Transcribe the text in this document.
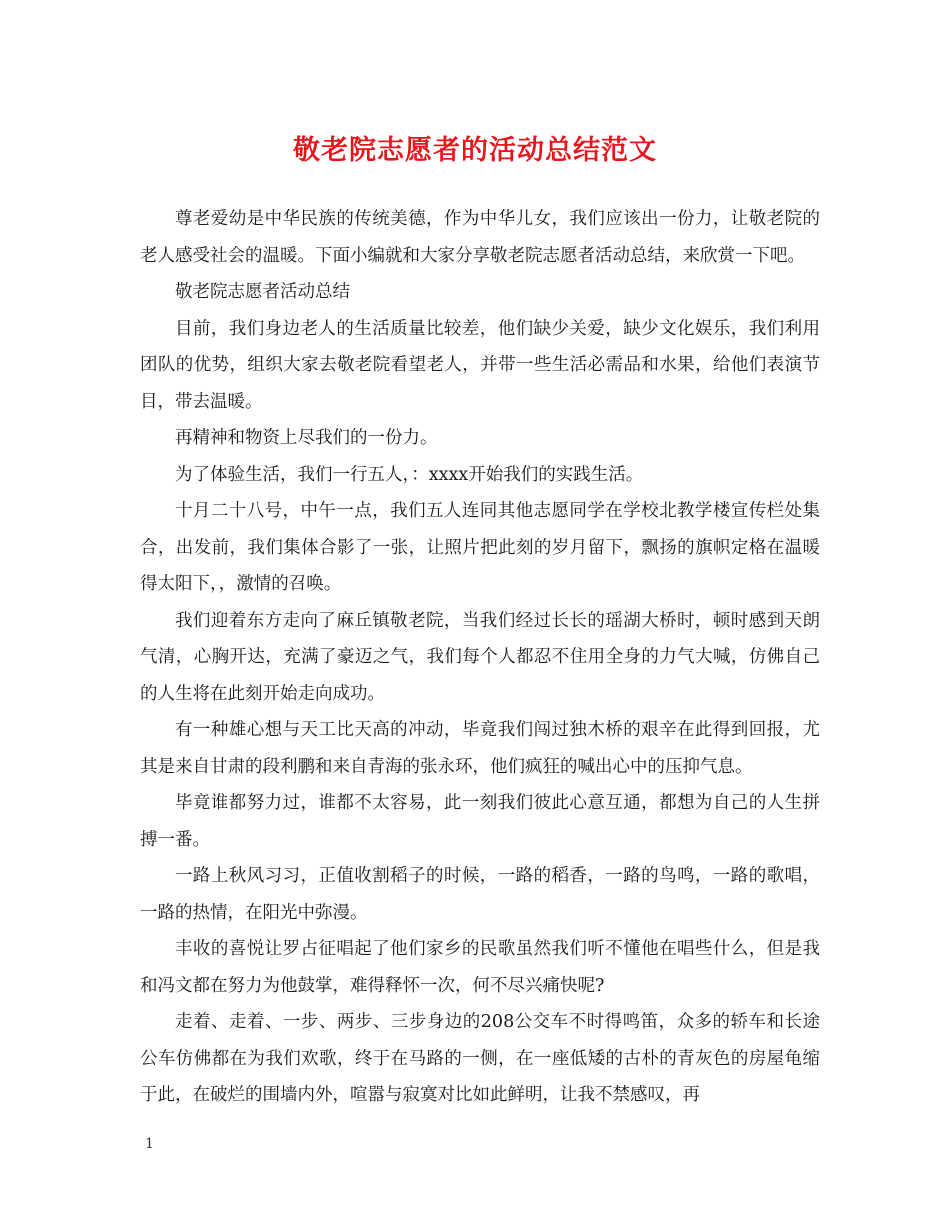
敬老院志愿者的活动总结范文

尊老爱幼是中华民族的传统美德，作为中华儿女，我们应该出一份力，让敬老院的老人感受社会的温暖。下面小编就和大家分享敬老院志愿者活动总结，来欣赏一下吧。

敬老院志愿者活动总结

目前，我们身边老人的生活质量比较差，他们缺少关爱，缺少文化娱乐，我们利用团队的优势，组织大家去敬老院看望老人，并带一些生活必需品和水果，给他们表演节目，带去温暖。

再精神和物资上尽我们的一份力。

为了体验生活，我们一行五人，：xxxx开始我们的实践生活。

十月二十八号，中午一点，我们五人连同其他志愿同学在学校北教学楼宣传栏处集合，出发前，我们集体合影了一张，让照片把此刻的岁月留下，飘扬的旗帜定格在温暖得太阳下，，激情的召唤。

我们迎着东方走向了麻丘镇敬老院，当我们经过长长的瑶湖大桥时，顿时感到天朗气清，心胸开达，充满了豪迈之气，我们每个人都忍不住用全身的力气大喊，仿佛自己的人生将在此刻开始走向成功。

有一种雄心想与天工比天高的冲动，毕竟我们闯过独木桥的艰辛在此得到回报，尤其是来自甘肃的段利鹏和来自青海的张永环，他们疯狂的喊出心中的压抑气息。

毕竟谁都努力过，谁都不太容易，此一刻我们彼此心意互通，都想为自己的人生拼搏一番。

一路上秋风习习，正值收割稻子的时候，一路的稻香，一路的鸟鸣，一路的歌唱，一路的热情，在阳光中弥漫。

丰收的喜悦让罗占征唱起了他们家乡的民歌虽然我们听不懂他在唱些什么，但是我和冯文都在努力为他鼓掌，难得释怀一次，何不尽兴痛快呢?

走着、走着、一步、两步、三步身边的208公交车不时得鸣笛，众多的轿车和长途公车仿佛都在为我们欢歌，终于在马路的一侧，在一座低矮的古朴的青灰色的房屋龟缩于此，在破烂的围墙内外，喧嚣与寂寞对比如此鲜明，让我不禁感叹，再

1
